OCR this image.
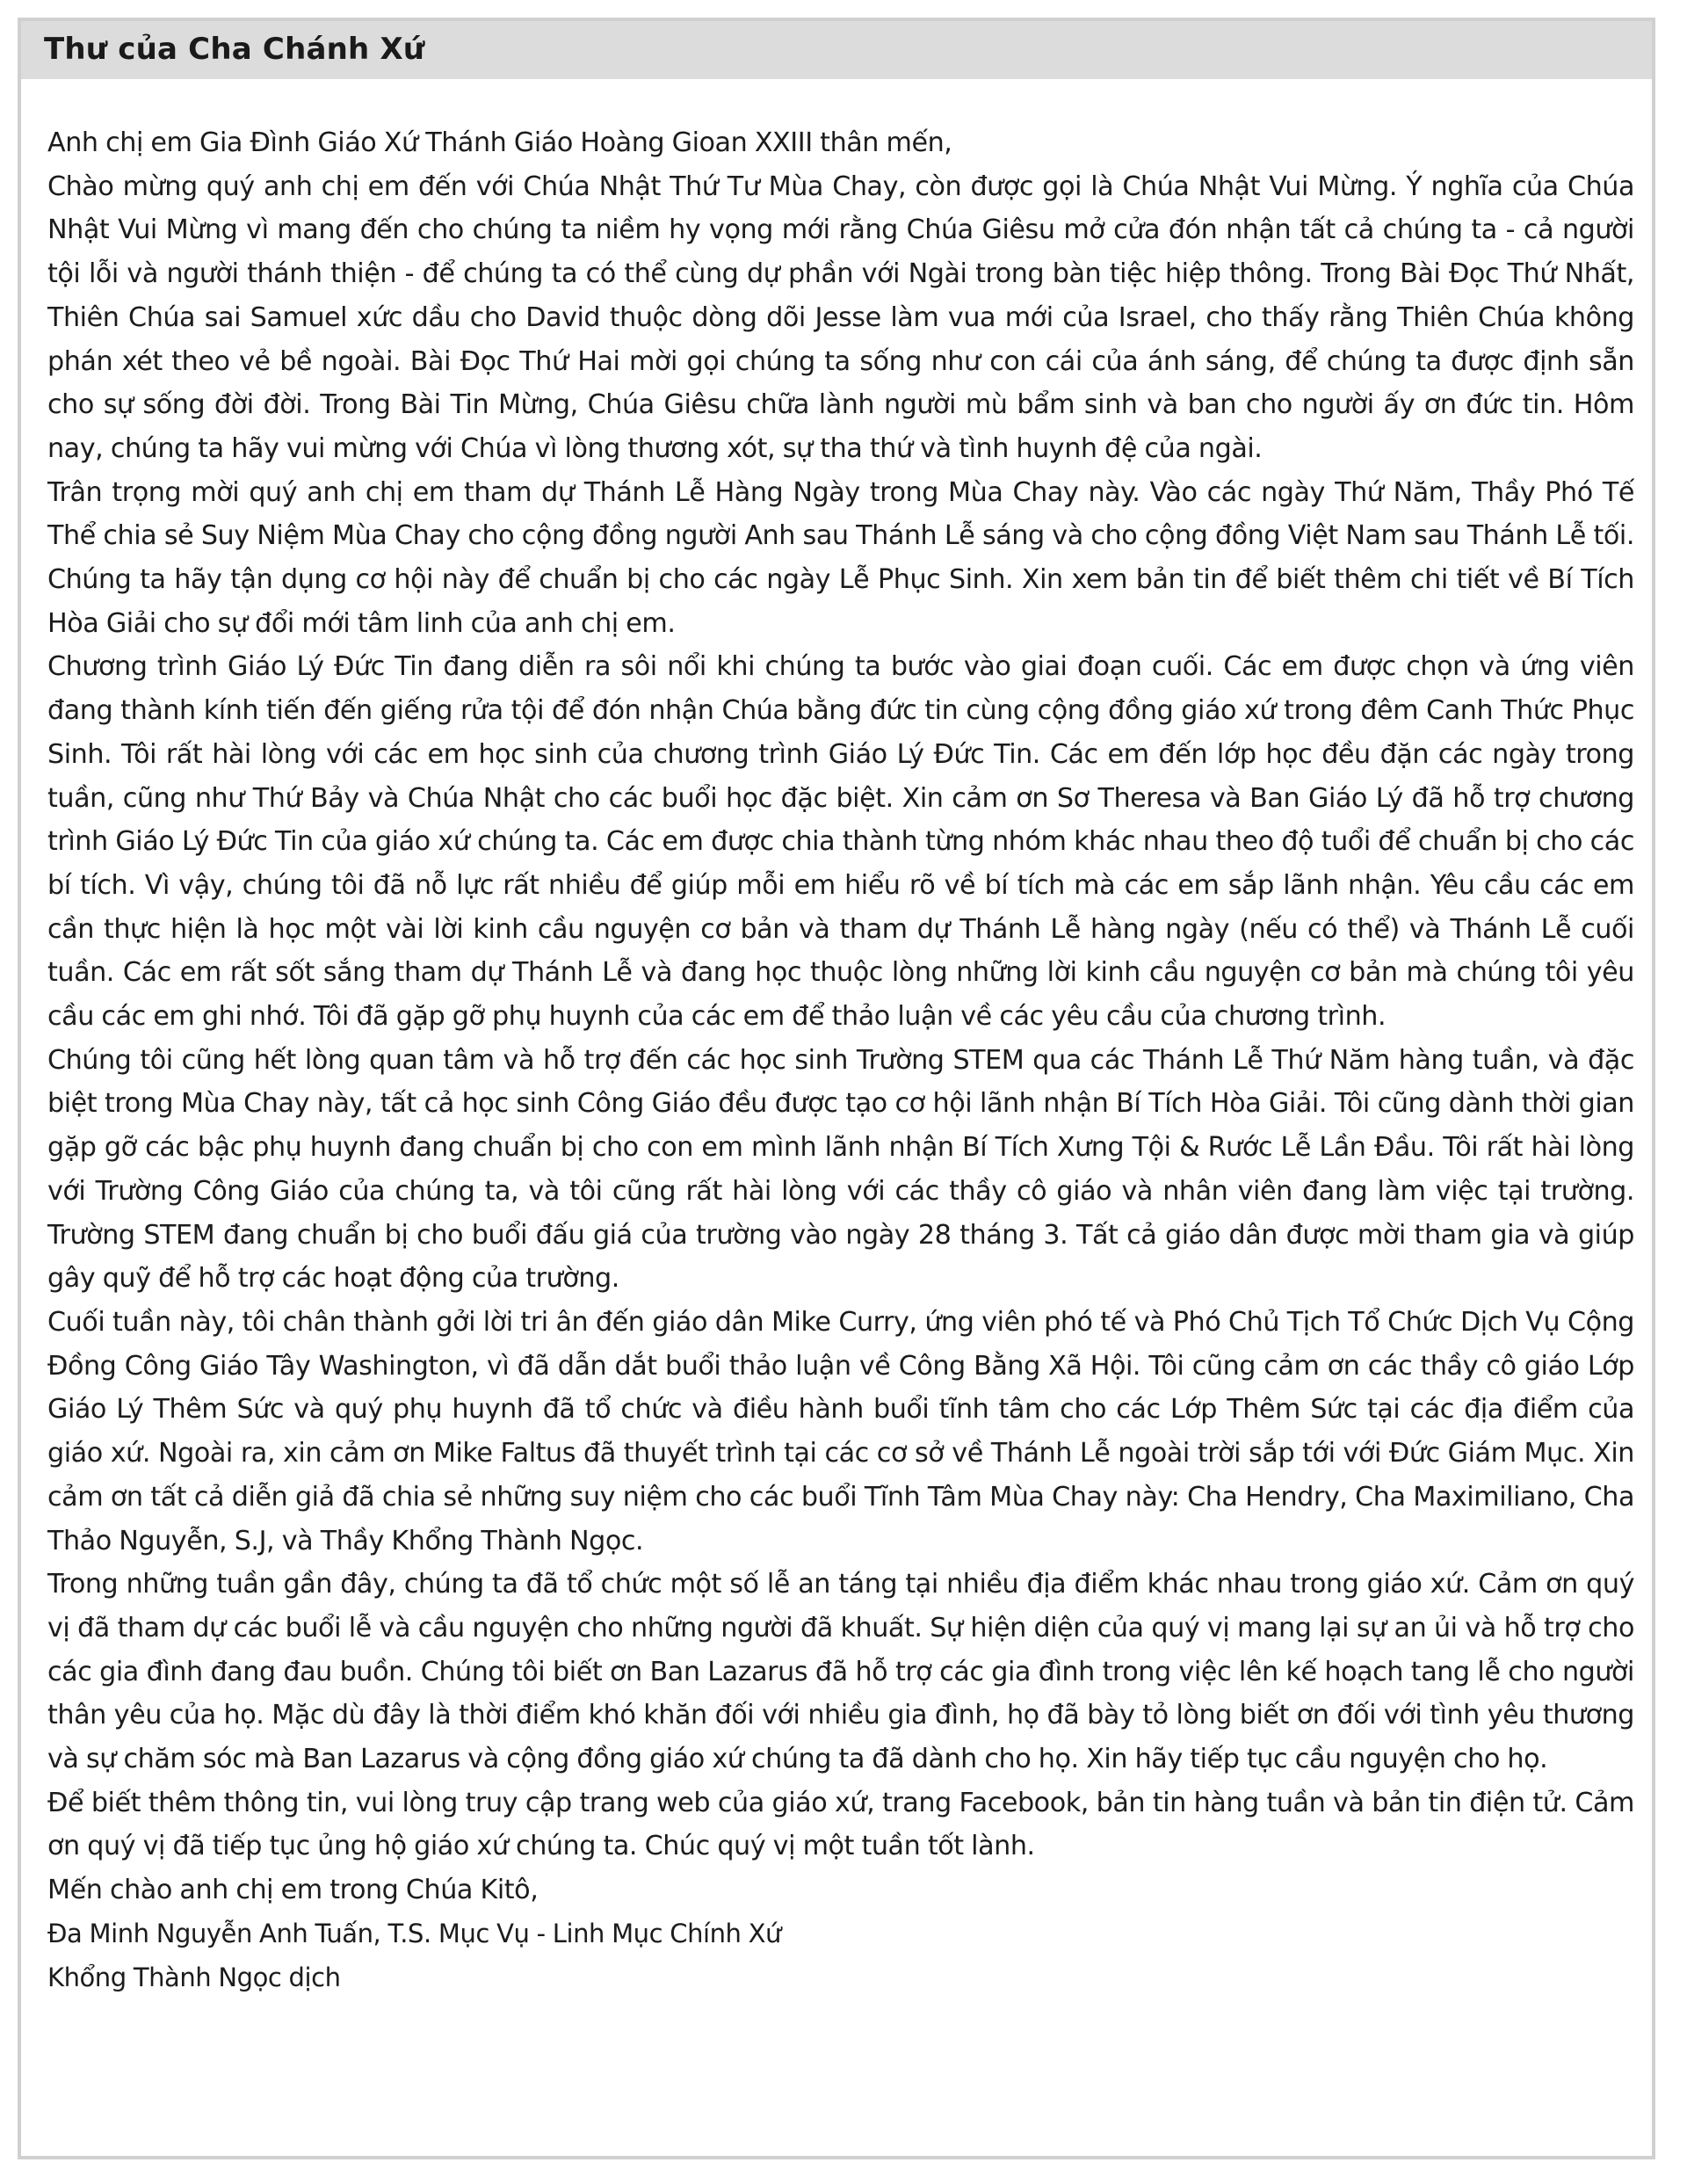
Thư của Cha Chánh Xứ

Anh chị em Gia Đình Giáo Xứ Thánh Giáo Hoàng Gioan XXIII thân mến,

Chào mừng quý anh chị em đến với Chúa Nhật Thứ Tư Mùa Chay, còn được gọi là Chúa Nhật Vui Mừng. Ý nghĩa của Chúa Nhật Vui Mừng vì mang đến cho chúng ta niềm hy vọng mới rằng Chúa Giêsu mở cửa đón nhận tất cả chúng ta - cả người tội lỗi và người thánh thiện - để chúng ta có thể cùng dự phần với Ngài trong bàn tiệc hiệp thông. Trong Bài Đọc Thứ Nhất, Thiên Chúa sai Samuel xức dầu cho David thuộc dòng dõi Jesse làm vua mới của Israel, cho thấy rằng Thiên Chúa không phán xét theo vẻ bề ngoài. Bài Đọc Thứ Hai mời gọi chúng ta sống như con cái của ánh sáng, để chúng ta được định sẵn cho sự sống đời đời. Trong Bài Tin Mừng, Chúa Giêsu chữa lành người mù bẩm sinh và ban cho người ấy ơn đức tin. Hôm nay, chúng ta hãy vui mừng với Chúa vì lòng thương xót, sự tha thứ và tình huynh đệ của ngài.

Trân trọng mời quý anh chị em tham dự Thánh Lễ Hàng Ngày trong Mùa Chay này. Vào các ngày Thứ Năm, Thầy Phó Tế Thể chia sẻ Suy Niệm Mùa Chay cho cộng đồng người Anh sau Thánh Lễ sáng và cho cộng đồng Việt Nam sau Thánh Lễ tối. Chúng ta hãy tận dụng cơ hội này để chuẩn bị cho các ngày Lễ Phục Sinh. Xin xem bản tin để biết thêm chi tiết về Bí Tích Hòa Giải cho sự đổi mới tâm linh của anh chị em.

Chương trình Giáo Lý Đức Tin đang diễn ra sôi nổi khi chúng ta bước vào giai đoạn cuối. Các em được chọn và ứng viên đang thành kính tiến đến giếng rửa tội để đón nhận Chúa bằng đức tin cùng cộng đồng giáo xứ trong đêm Canh Thức Phục Sinh. Tôi rất hài lòng với các em học sinh của chương trình Giáo Lý Đức Tin. Các em đến lớp học đều đặn các ngày trong tuần, cũng như Thứ Bảy và Chúa Nhật cho các buổi học đặc biệt. Xin cảm ơn Sơ Theresa và Ban Giáo Lý đã hỗ trợ chương trình Giáo Lý Đức Tin của giáo xứ chúng ta. Các em được chia thành từng nhóm khác nhau theo độ tuổi để chuẩn bị cho các bí tích. Vì vậy, chúng tôi đã nỗ lực rất nhiều để giúp mỗi em hiểu rõ về bí tích mà các em sắp lãnh nhận. Yêu cầu các em cần thực hiện là học một vài lời kinh cầu nguyện cơ bản và tham dự Thánh Lễ hàng ngày (nếu có thể) và Thánh Lễ cuối tuần. Các em rất sốt sắng tham dự Thánh Lễ và đang học thuộc lòng những lời kinh cầu nguyện cơ bản mà chúng tôi yêu cầu các em ghi nhớ. Tôi đã gặp gỡ phụ huynh của các em để thảo luận về các yêu cầu của chương trình.

Chúng tôi cũng hết lòng quan tâm và hỗ trợ đến các học sinh Trường STEM qua các Thánh Lễ Thứ Năm hàng tuần, và đặc biệt trong Mùa Chay này, tất cả học sinh Công Giáo đều được tạo cơ hội lãnh nhận Bí Tích Hòa Giải. Tôi cũng dành thời gian gặp gỡ các bậc phụ huynh đang chuẩn bị cho con em mình lãnh nhận Bí Tích Xưng Tội & Rước Lễ Lần Đầu. Tôi rất hài lòng với Trường Công Giáo của chúng ta, và tôi cũng rất hài lòng với các thầy cô giáo và nhân viên đang làm việc tại trường. Trường STEM đang chuẩn bị cho buổi đấu giá của trường vào ngày 28 tháng 3. Tất cả giáo dân được mời tham gia và giúp gây quỹ để hỗ trợ các hoạt động của trường.

Cuối tuần này, tôi chân thành gởi lời tri ân đến giáo dân Mike Curry, ứng viên phó tế và Phó Chủ Tịch Tổ Chức Dịch Vụ Cộng Đồng Công Giáo Tây Washington, vì đã dẫn dắt buổi thảo luận về Công Bằng Xã Hội. Tôi cũng cảm ơn các thầy cô giáo Lớp Giáo Lý Thêm Sức và quý phụ huynh đã tổ chức và điều hành buổi tĩnh tâm cho các Lớp Thêm Sức tại các địa điểm của giáo xứ. Ngoài ra, xin cảm ơn Mike Faltus đã thuyết trình tại các cơ sở về Thánh Lễ ngoài trời sắp tới với Đức Giám Mục. Xin cảm ơn tất cả diễn giả đã chia sẻ những suy niệm cho các buổi Tĩnh Tâm Mùa Chay này: Cha Hendry, Cha Maximiliano, Cha Thảo Nguyễn, S.J, và Thầy Khổng Thành Ngọc.

Trong những tuần gần đây, chúng ta đã tổ chức một số lễ an táng tại nhiều địa điểm khác nhau trong giáo xứ. Cảm ơn quý vị đã tham dự các buổi lễ và cầu nguyện cho những người đã khuất. Sự hiện diện của quý vị mang lại sự an ủi và hỗ trợ cho các gia đình đang đau buồn. Chúng tôi biết ơn Ban Lazarus đã hỗ trợ các gia đình trong việc lên kế hoạch tang lễ cho người thân yêu của họ. Mặc dù đây là thời điểm khó khăn đối với nhiều gia đình, họ đã bày tỏ lòng biết ơn đối với tình yêu thương và sự chăm sóc mà Ban Lazarus và cộng đồng giáo xứ chúng ta đã dành cho họ. Xin hãy tiếp tục cầu nguyện cho họ.

Để biết thêm thông tin, vui lòng truy cập trang web của giáo xứ, trang Facebook, bản tin hàng tuần và bản tin điện tử. Cảm ơn quý vị đã tiếp tục ủng hộ giáo xứ chúng ta. Chúc quý vị một tuần tốt lành.

Mến chào anh chị em trong Chúa Kitô,

Đa Minh Nguyễn Anh Tuấn, T.S. Mục Vụ - Linh Mục Chính Xứ

Khổng Thành Ngọc dịch
